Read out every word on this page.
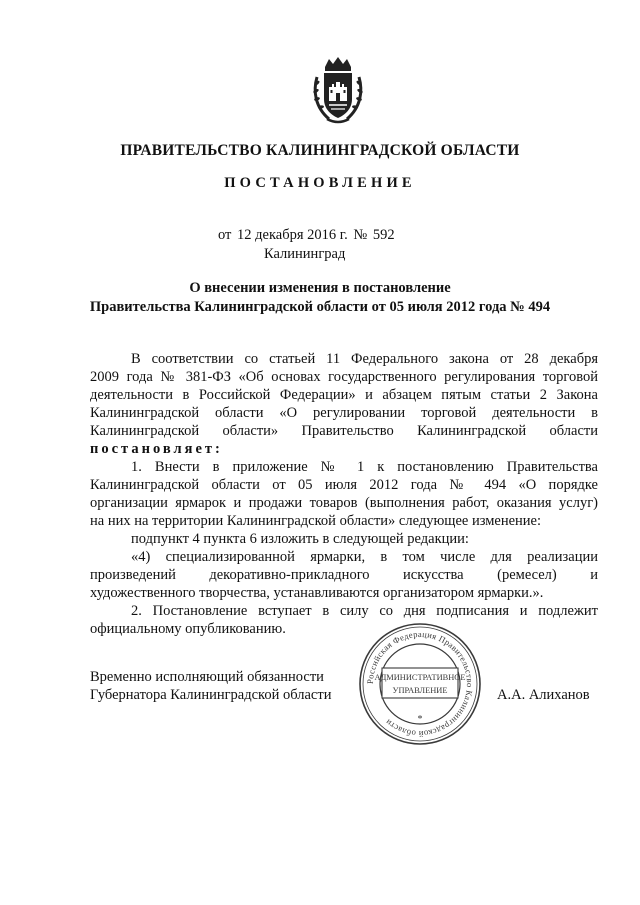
ПРАВИТЕЛЬСТВО КАЛИНИНГРАДСКОЙ ОБЛАСТИ
ПОСТАНОВЛЕНИЕ
от 12 декабря 2016 г. № 592
Калининград
О внесении изменения в постановление
Правительства Калининградской области от 05 июля 2012 года № 494
В соответствии со статьей 11 Федерального закона от 28 декабря
2009 года № 381-ФЗ «Об основах государственного регулирования торговой
деятельности в Российской Федерации» и абзацем пятым статьи 2 Закона
Калининградской области «О регулировании торговой деятельности в
Калининградской области» Правительство Калининградской области
постановляет:
1. Внести в приложение № 1 к постановлению Правительства
Калининградской области от 05 июля 2012 года № 494 «О порядке
организации ярмарок и продажи товаров (выполнения работ, оказания услуг)
на них на территории Калининградской области» следующее изменение:
подпункт 4 пункта 6 изложить в следующей редакции:
«4) специализированной ярмарки, в том числе для реализации
произведений декоративно-прикладного искусства (ремесел) и
художественного творчества, устанавливаются организатором ярмарки.».
2. Постановление вступает в силу со дня подписания и подлежит
официальному опубликованию.
Временно исполняющий обязанности
Губернатора Калининградской области	А.А. Алиханов
Российская Федерация Правительство Калининградской области
АДМИНИСТРАТИВНОЕ
УПРАВЛЕНИЕ
*
